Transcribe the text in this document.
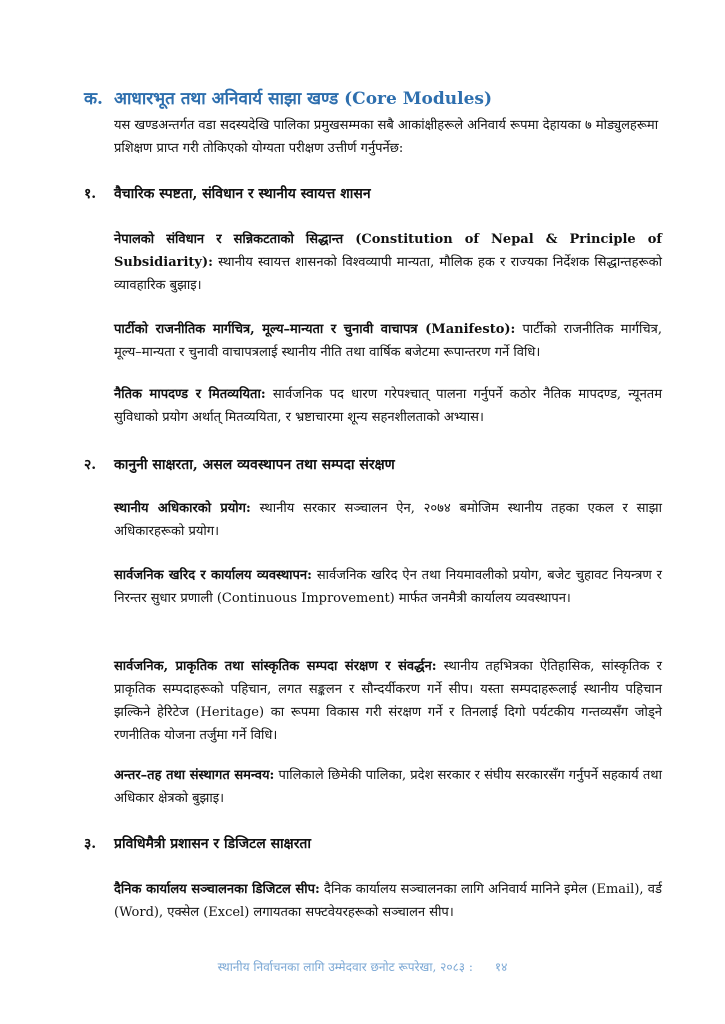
क. आधारभूत तथा अनिवार्य साझा खण्ड (Core Modules)
यस खण्डअन्तर्गत वडा सदस्यदेखि पालिका प्रमुखसम्मका सबै आकांक्षीहरूले अनिवार्य रूपमा देहायका ७ मोड्युलहरूमा प्रशिक्षण प्राप्त गरी तोकिएको योग्यता परीक्षण उत्तीर्ण गर्नुपर्नेछ:
१. वैचारिक स्पष्टता, संविधान र स्थानीय स्वायत्त शासन
नेपालको संविधान र सन्निकटताको सिद्धान्त (Constitution of Nepal & Principle of Subsidiarity): स्थानीय स्वायत्त शासनको विश्वव्यापी मान्यता, मौलिक हक र राज्यका निर्देशक सिद्धान्तहरूको व्यावहारिक बुझाइ।
पार्टीको राजनीतिक मार्गचित्र, मूल्य–मान्यता र चुनावी वाचापत्र (Manifesto): पार्टीको राजनीतिक मार्गचित्र, मूल्य–मान्यता र चुनावी वाचापत्रलाई स्थानीय नीति तथा वार्षिक बजेटमा रूपान्तरण गर्ने विधि।
नैतिक मापदण्ड र मितव्ययिता: सार्वजनिक पद धारण गरेपश्चात् पालना गर्नुपर्ने कठोर नैतिक मापदण्ड, न्यूनतम सुविधाको प्रयोग अर्थात् मितव्ययिता, र भ्रष्टाचारमा शून्य सहनशीलताको अभ्यास।
२. कानुनी साक्षरता, असल व्यवस्थापन तथा सम्पदा संरक्षण
स्थानीय अधिकारको प्रयोग: स्थानीय सरकार सञ्चालन ऐन, २०७४ बमोजिम स्थानीय तहका एकल र साझा अधिकारहरूको प्रयोग।
सार्वजनिक खरिद र कार्यालय व्यवस्थापन: सार्वजनिक खरिद ऐन तथा नियमावलीको प्रयोग, बजेट चुहावट नियन्त्रण र निरन्तर सुधार प्रणाली (Continuous Improvement) मार्फत जनमैत्री कार्यालय व्यवस्थापन।
सार्वजनिक, प्राकृतिक तथा सांस्कृतिक सम्पदा संरक्षण र संवर्द्धन: स्थानीय तहभित्रका ऐतिहासिक, सांस्कृतिक र प्राकृतिक सम्पदाहरूको पहिचान, लगत सङ्कलन र सौन्दर्यीकरण गर्ने सीप। यस्ता सम्पदाहरूलाई स्थानीय पहिचान झल्किने हेरिटेज (Heritage) का रूपमा विकास गरी संरक्षण गर्ने र तिनलाई दिगो पर्यटकीय गन्तव्यसँग जोड्ने रणनीतिक योजना तर्जुमा गर्ने विधि।
अन्तर–तह तथा संस्थागत समन्वय: पालिकाले छिमेकी पालिका, प्रदेश सरकार र संघीय सरकारसँग गर्नुपर्ने सहकार्य तथा अधिकार क्षेत्रको बुझाइ।
३. प्रविधिमैत्री प्रशासन र डिजिटल साक्षरता
दैनिक कार्यालय सञ्चालनका डिजिटल सीप: दैनिक कार्यालय सञ्चालनका लागि अनिवार्य मानिने इमेल (Email), वर्ड (Word), एक्सेल (Excel) लगायतका सफ्टवेयरहरूको सञ्चालन सीप।
स्थानीय निर्वाचनका लागि उम्मेदवार छनोट रूपरेखा, २०८३ : १४
